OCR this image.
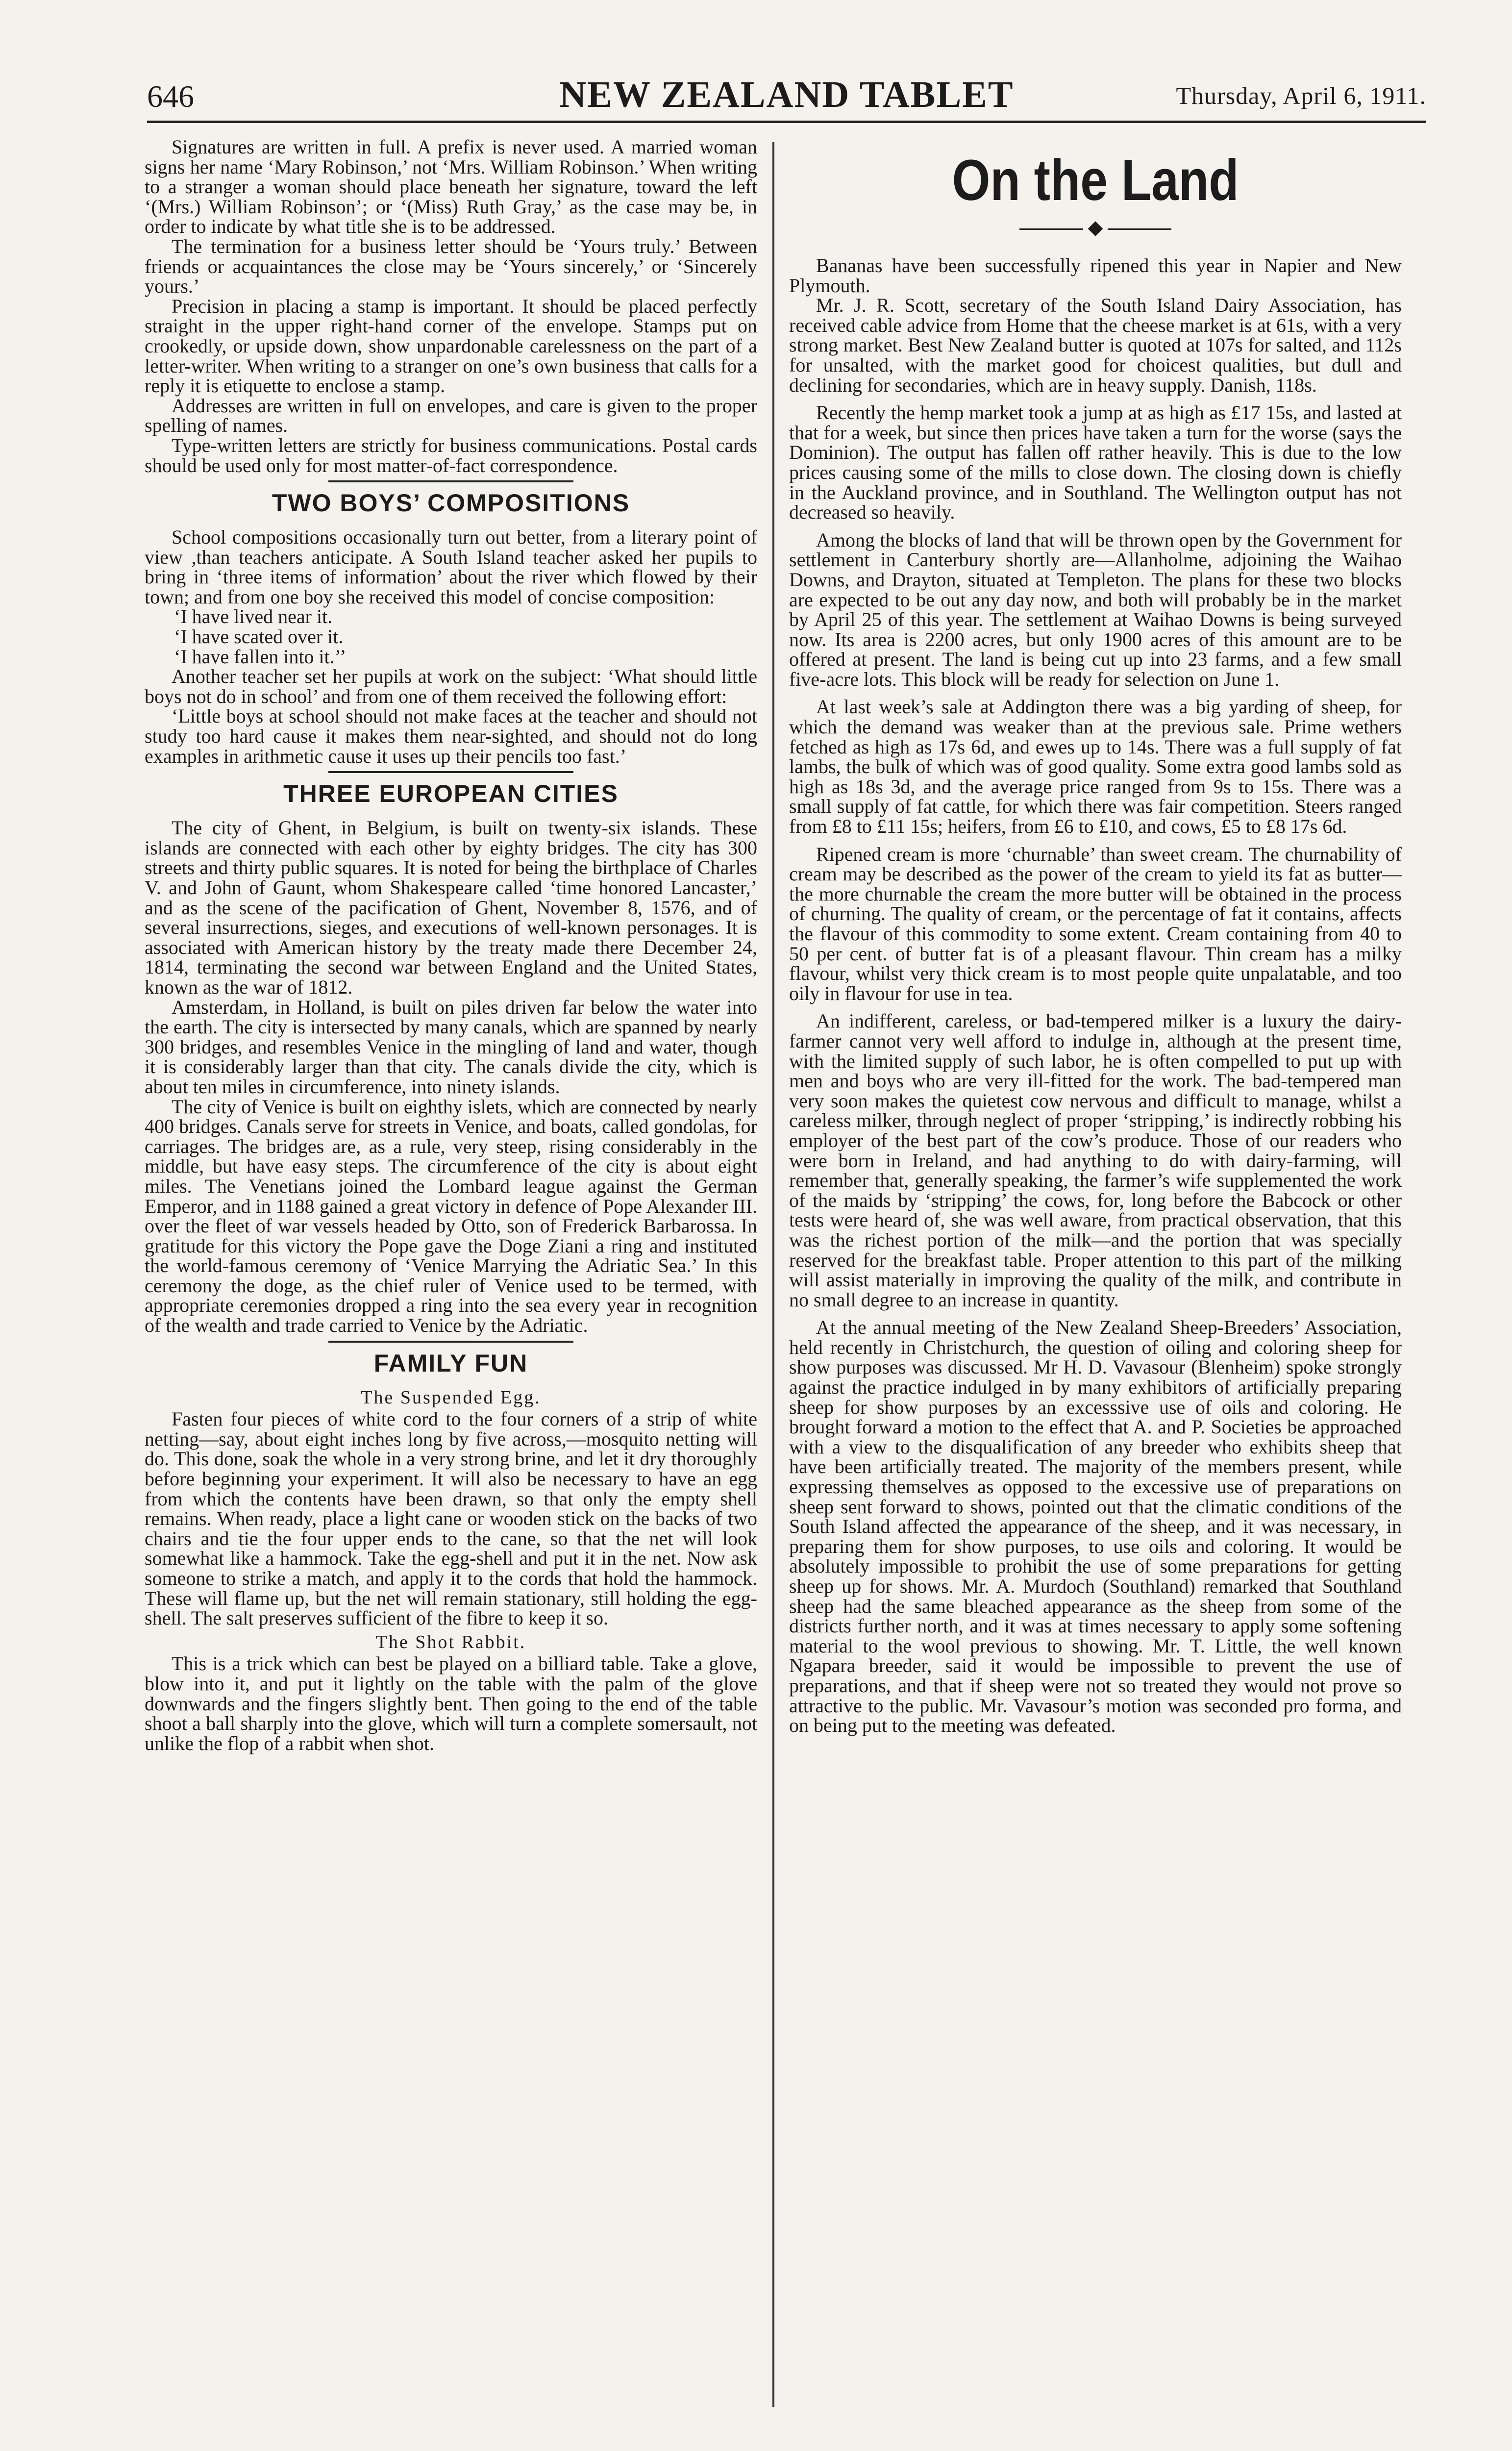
646	NEW ZEALAND TABLET	Thursday, April 6, 1911.

Signatures are written in full. A prefix is never used. A married woman signs her name ‘Mary Robinson,’ not ‘Mrs. William Robinson.’ When writing to a stranger a woman should place beneath her signature, toward the left ‘(Mrs.) William Robinson’; or ‘(Miss) Ruth Gray,’ as the case may be, in order to indicate by what title she is to be addressed.

The termination for a business letter should be ‘Yours truly.’ Between friends or acquaintances the close may be ‘Yours sincerely,’ or ‘Sincerely yours.’

Precision in placing a stamp is important. It should be placed perfectly straight in the upper right-hand corner of the envelope. Stamps put on crookedly, or upside down, show unpardonable carelessness on the part of a letter-writer. When writing to a stranger on one’s own business that calls for a reply it is etiquette to enclose a stamp.

Addresses are written in full on envelopes, and care is given to the proper spelling of names.

Type-written letters are strictly for business communications. Postal cards should be used only for most matter-of-fact correspondence.

TWO BOYS’ COMPOSITIONS

School compositions occasionally turn out better, from a literary point of view ,than teachers anticipate. A South Island teacher asked her pupils to bring in ‘three items of information’ about the river which flowed by their town; and from one boy she received this model of concise composition:

‘I have lived near it.

‘I have scated over it.

‘I have fallen into it.’’

Another teacher set her pupils at work on the subject: ‘What should little boys not do in school’ and from one of them received the following effort:

‘Little boys at school should not make faces at the teacher and should not study too hard cause it makes them near-sighted, and should not do long examples in arithmetic cause it uses up their pencils too fast.’

THREE EUROPEAN CITIES

The city of Ghent, in Belgium, is built on twenty-six islands. These islands are connected with each other by eighty bridges. The city has 300 streets and thirty public squares. It is noted for being the birthplace of Charles V. and John of Gaunt, whom Shakespeare called ‘time honored Lancaster,’ and as the scene of the pacification of Ghent, November 8, 1576, and of several insurrections, sieges, and executions of well-known personages. It is associated with American history by the treaty made there December 24, 1814, terminating the second war between England and the United States, known as the war of 1812.

Amsterdam, in Holland, is built on piles driven far below the water into the earth. The city is intersected by many canals, which are spanned by nearly 300 bridges, and resembles Venice in the mingling of land and water, though it is considerably larger than that city. The canals divide the city, which is about ten miles in circumference, into ninety islands.

The city of Venice is built on eighthy islets, which are connected by nearly 400 bridges. Canals serve for streets in Venice, and boats, called gondolas, for carriages. The bridges are, as a rule, very steep, rising considerably in the middle, but have easy steps. The circumference of the city is about eight miles. The Venetians joined the Lombard league against the German Emperor, and in 1188 gained a great victory in defence of Pope Alexander III. over the fleet of war vessels headed by Otto, son of Frederick Barbarossa. In gratitude for this victory the Pope gave the Doge Ziani a ring and instituted the world-famous ceremony of ‘Venice Marrying the Adriatic Sea.’ In this ceremony the doge, as the chief ruler of Venice used to be termed, with appropriate ceremonies dropped a ring into the sea every year in recognition of the wealth and trade carried to Venice by the Adriatic.

FAMILY FUN
The Suspended Egg.

Fasten four pieces of white cord to the four corners of a strip of white netting—say, about eight inches long by five across,—mosquito netting will do. This done, soak the whole in a very strong brine, and let it dry thoroughly before beginning your experiment. It will also be necessary to have an egg from which the contents have been drawn, so that only the empty shell remains. When ready, place a light cane or wooden stick on the backs of two chairs and tie the four upper ends to the cane, so that the net will look somewhat like a hammock. Take the egg-shell and put it in the net. Now ask someone to strike a match, and apply it to the cords that hold the hammock. These will flame up, but the net will remain stationary, still holding the egg-shell. The salt preserves sufficient of the fibre to keep it so.

The Shot Rabbit.

This is a trick which can best be played on a billiard table. Take a glove, blow into it, and put it lightly on the table with the palm of the glove downwards and the fingers slightly bent. Then going to the end of the table shoot a ball sharply into the glove, which will turn a complete somersault, not unlike the flop of a rabbit when shot.

On the Land
◆

Bananas have been successfully ripened this year in Napier and New Plymouth.

Mr. J. R. Scott, secretary of the South Island Dairy Association, has received cable advice from Home that the cheese market is at 61s, with a very strong market. Best New Zealand butter is quoted at 107s for salted, and 112s for unsalted, with the market good for choicest qualities, but dull and declining for secondaries, which are in heavy supply. Danish, 118s.

Recently the hemp market took a jump at as high as £17 15s, and lasted at that for a week, but since then prices have taken a turn for the worse (says the Dominion). The output has fallen off rather heavily. This is due to the low prices causing some of the mills to close down. The closing down is chiefly in the Auckland province, and in Southland. The Wellington output has not decreased so heavily.

Among the blocks of land that will be thrown open by the Government for settlement in Canterbury shortly are—Allanholme, adjoining the Waihao Downs, and Drayton, situated at Templeton. The plans for these two blocks are expected to be out any day now, and both will probably be in the market by April 25 of this year. The settlement at Waihao Downs is being surveyed now. Its area is 2200 acres, but only 1900 acres of this amount are to be offered at present. The land is being cut up into 23 farms, and a few small five-acre lots. This block will be ready for selection on June 1.

At last week’s sale at Addington there was a big yarding of sheep, for which the demand was weaker than at the previous sale. Prime wethers fetched as high as 17s 6d, and ewes up to 14s. There was a full supply of fat lambs, the bulk of which was of good quality. Some extra good lambs sold as high as 18s 3d, and the average price ranged from 9s to 15s. There was a small supply of fat cattle, for which there was fair competition. Steers ranged from £8 to £11 15s; heifers, from £6 to £10, and cows, £5 to £8 17s 6d.

Ripened cream is more ‘churnable’ than sweet cream. The churnability of cream may be described as the power of the cream to yield its fat as butter—the more churnable the cream the more butter will be obtained in the process of churning. The quality of cream, or the percentage of fat it contains, affects the flavour of this commodity to some extent. Cream containing from 40 to 50 per cent. of butter fat is of a pleasant flavour. Thin cream has a milky flavour, whilst very thick cream is to most people quite unpalatable, and too oily in flavour for use in tea.

An indifferent, careless, or bad-tempered milker is a luxury the dairy-farmer cannot very well afford to indulge in, although at the present time, with the limited supply of such labor, he is often compelled to put up with men and boys who are very ill-fitted for the work. The bad-tempered man very soon makes the quietest cow nervous and difficult to manage, whilst a careless milker, through neglect of proper ‘stripping,’ is indirectly robbing his employer of the best part of the cow’s produce. Those of our readers who were born in Ireland, and had anything to do with dairy-farming, will remember that, generally speaking, the farmer’s wife supplemented the work of the maids by ‘stripping’ the cows, for, long before the Babcock or other tests were heard of, she was well aware, from practical observation, that this was the richest portion of the milk—and the portion that was specially reserved for the breakfast table. Proper attention to this part of the milking will assist materially in improving the quality of the milk, and contribute in no small degree to an increase in quantity.

At the annual meeting of the New Zealand Sheep-Breeders’ Association, held recently in Christchurch, the question of oiling and coloring sheep for show purposes was discussed. Mr H. D. Vavasour (Blenheim) spoke strongly against the practice indulged in by many exhibitors of artificially preparing sheep for show purposes by an excesssive use of oils and coloring. He brought forward a motion to the effect that A. and P. Societies be approached with a view to the disqualification of any breeder who exhibits sheep that have been artificially treated. The majority of the members present, while expressing themselves as opposed to the excessive use of preparations on sheep sent forward to shows, pointed out that the climatic conditions of the South Island affected the appearance of the sheep, and it was necessary, in preparing them for show purposes, to use oils and coloring. It would be absolutely impossible to prohibit the use of some preparations for getting sheep up for shows. Mr. A. Murdoch (Southland) remarked that Southland sheep had the same bleached appearance as the sheep from some of the districts further north, and it was at times necessary to apply some softening material to the wool previous to showing. Mr. T. Little, the well known Ngapara breeder, said it would be impossible to prevent the use of preparations, and that if sheep were not so treated they would not prove so attractive to the public. Mr. Vavasour’s motion was seconded pro forma, and on being put to the meeting was defeated.
